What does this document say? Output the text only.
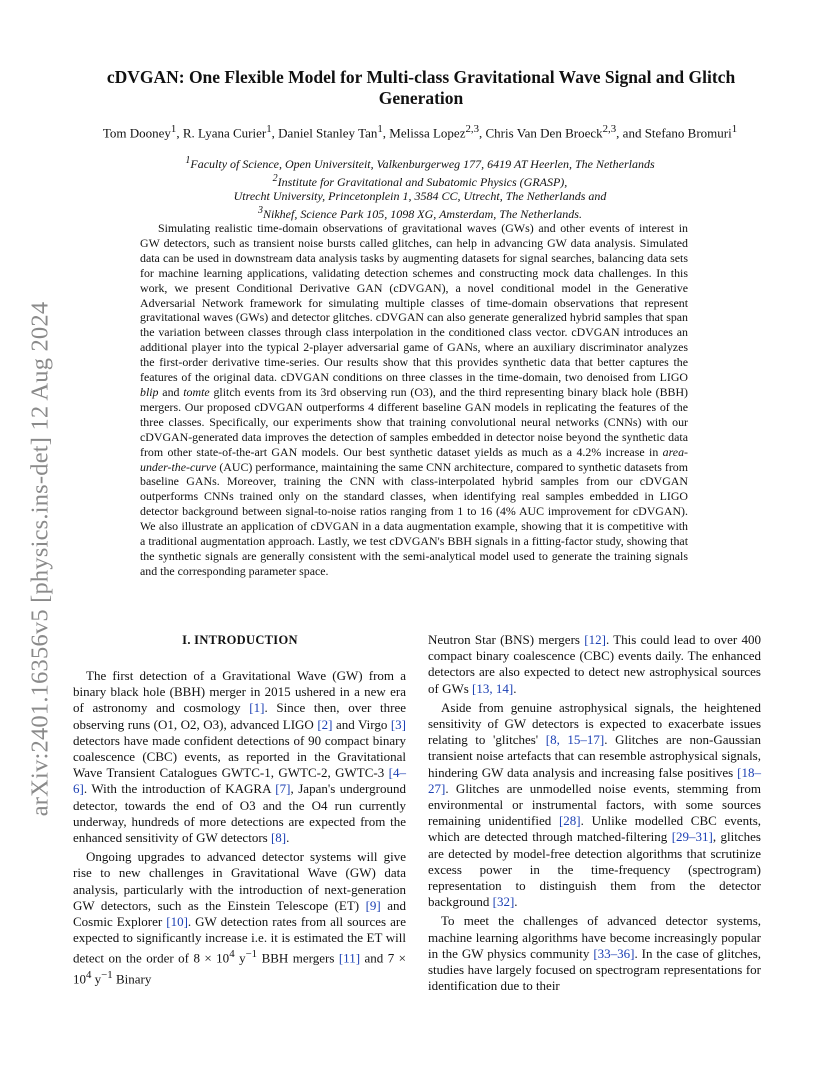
arXiv:2401.16356v5 [physics.ins-det] 12 Aug 2024
cDVGAN: One Flexible Model for Multi-class Gravitational Wave Signal and Glitch
Generation
Tom Dooney$^1$, R. Lyana Curier$^1$, Daniel Stanley Tan$^1$, Melissa Lopez$^{2,3}$, Chris Van Den Broeck$^{2,3}$, and Stefano Bromuri$^1$
$^1$Faculty of Science, Open Universiteit, Valkenburgerweg 177, 6419 AT Heerlen, The Netherlands
$^2$Institute for Gravitational and Subatomic Physics (GRASP),
Utrecht University, Princetonplein 1, 3584 CC, Utrecht, The Netherlands and
$^3$Nikhef, Science Park 105, 1098 XG, Amsterdam, The Netherlands.

Simulating realistic time-domain observations of gravitational waves (GWs) and other events of interest in GW detectors, such as transient noise bursts called glitches, can help in advancing GW data analysis. Simulated data can be used in downstream data analysis tasks by augmenting datasets for signal searches, balancing data sets for machine learning applications, validating detection schemes and constructing mock data challenges. In this work, we present Conditional Derivative GAN (cDVGAN), a novel conditional model in the Generative Adversarial Network framework for simulating multiple classes of time-domain observations that represent gravitational waves (GWs) and detector glitches. cDVGAN can also generate generalized hybrid samples that span the variation between classes through class interpolation in the conditioned class vector. cDVGAN introduces an additional player into the typical 2-player adversarial game of GANs, where an auxiliary discriminator analyzes the first-order derivative time-series. Our results show that this provides synthetic data that better captures the features of the original data. cDVGAN conditions on three classes in the time-domain, two denoised from LIGO blip and tomte glitch events from its 3rd observing run (O3), and the third representing binary black hole (BBH) mergers. Our proposed cDVGAN outperforms 4 different baseline GAN models in replicating the features of the three classes. Specifically, our experiments show that training convolutional neural networks (CNNs) with our cDVGAN-generated data improves the detection of samples embedded in detector noise beyond the synthetic data from other state-of-the-art GAN models. Our best synthetic dataset yields as much as a 4.2% increase in area-under-the-curve (AUC) performance, maintaining the same CNN architecture, compared to synthetic datasets from baseline GANs. Moreover, training the CNN with class-interpolated hybrid samples from our cDVGAN outperforms CNNs trained only on the standard classes, when identifying real samples embedded in LIGO detector background between signal-to-noise ratios ranging from 1 to 16 (4% AUC improvement for cDVGAN). We also illustrate an application of cDVGAN in a data augmentation example, showing that it is competitive with a traditional augmentation approach. Lastly, we test cDVGAN's BBH signals in a fitting-factor study, showing that the synthetic signals are generally consistent with the semi-analytical model used to generate the training signals and the corresponding parameter space.

I. INTRODUCTION

The first detection of a Gravitational Wave (GW) from a binary black hole (BBH) merger in 2015 ushered in a new era of astronomy and cosmology [1]. Since then, over three observing runs (O1, O2, O3), advanced LIGO [2] and Virgo [3] detectors have made confident detections of 90 compact binary coalescence (CBC) events, as reported in the Gravitational Wave Transient Catalogues GWTC-1, GWTC-2, GWTC-3 [4–6]. With the introduction of KAGRA [7], Japan's underground detector, towards the end of O3 and the O4 run currently underway, hundreds of more detections are expected from the enhanced sensitivity of GW detectors [8].

Ongoing upgrades to advanced detector systems will give rise to new challenges in Gravitational Wave (GW) data analysis, particularly with the introduction of next-generation GW detectors, such as the Einstein Telescope (ET) [9] and Cosmic Explorer [10]. GW detection rates from all sources are expected to significantly increase i.e. it is estimated the ET will detect on the order of $8 \times 10^4$ $y^{-1}$ BBH mergers [11] and $7 \times 10^4$ $y^{-1}$ Binary

Neutron Star (BNS) mergers [12]. This could lead to over 400 compact binary coalescence (CBC) events daily. The enhanced detectors are also expected to detect new astrophysical sources of GWs [13, 14].

Aside from genuine astrophysical signals, the heightened sensitivity of GW detectors is expected to exacerbate issues relating to 'glitches' [8, 15–17]. Glitches are non-Gaussian transient noise artefacts that can resemble astrophysical signals, hindering GW data analysis and increasing false positives [18–27]. Glitches are unmodelled noise events, stemming from environmental or instrumental factors, with some sources remaining unidentified [28]. Unlike modelled CBC events, which are detected through matched-filtering [29–31], glitches are detected by model-free detection algorithms that scrutinize excess power in the time-frequency (spectrogram) representation to distinguish them from the detector background [32].

To meet the challenges of advanced detector systems, machine learning algorithms have become increasingly popular in the GW physics community [33–36]. In the case of glitches, studies have largely focused on spectrogram representations for identification due to their
